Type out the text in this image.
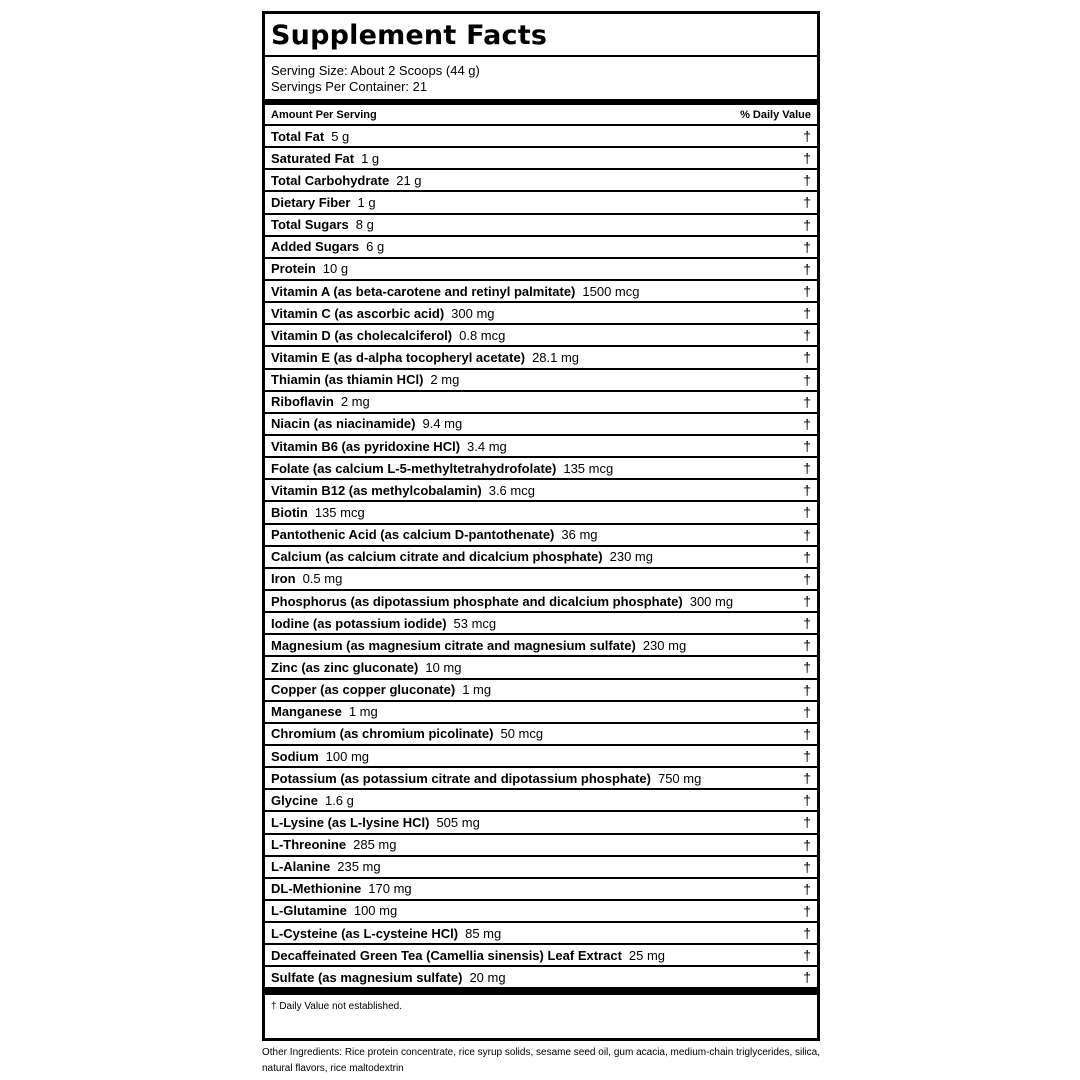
Supplement Facts
Serving Size: About 2 Scoops (44 g)
Servings Per Container: 21
Amount Per Serving	% Daily Value
Total Fat 5 g	†
Saturated Fat 1 g	†
Total Carbohydrate 21 g	†
Dietary Fiber 1 g	†
Total Sugars 8 g	†
Added Sugars 6 g	†
Protein 10 g	†
Vitamin A (as beta-carotene and retinyl palmitate) 1500 mcg	†
Vitamin C (as ascorbic acid) 300 mg	†
Vitamin D (as cholecalciferol) 0.8 mcg	†
Vitamin E (as d-alpha tocopheryl acetate) 28.1 mg	†
Thiamin (as thiamin HCl) 2 mg	†
Riboflavin 2 mg	†
Niacin (as niacinamide) 9.4 mg	†
Vitamin B6 (as pyridoxine HCl) 3.4 mg	†
Folate (as calcium L-5-methyltetrahydrofolate) 135 mcg	†
Vitamin B12 (as methylcobalamin) 3.6 mcg	†
Biotin 135 mcg	†
Pantothenic Acid (as calcium D-pantothenate) 36 mg	†
Calcium (as calcium citrate and dicalcium phosphate) 230 mg	†
Iron 0.5 mg	†
Phosphorus (as dipotassium phosphate and dicalcium phosphate) 300 mg	†
Iodine (as potassium iodide) 53 mcg	†
Magnesium (as magnesium citrate and magnesium sulfate) 230 mg	†
Zinc (as zinc gluconate) 10 mg	†
Copper (as copper gluconate) 1 mg	†
Manganese 1 mg	†
Chromium (as chromium picolinate) 50 mcg	†
Sodium 100 mg	†
Potassium (as potassium citrate and dipotassium phosphate) 750 mg	†
Glycine 1.6 g	†
L-Lysine (as L-lysine HCl) 505 mg	†
L-Threonine 285 mg	†
L-Alanine 235 mg	†
DL-Methionine 170 mg	†
L-Glutamine 100 mg	†
L-Cysteine (as L-cysteine HCl) 85 mg	†
Decaffeinated Green Tea (Camellia sinensis) Leaf Extract 25 mg	†
Sulfate (as magnesium sulfate) 20 mg	†
† Daily Value not established.
Other Ingredients: Rice protein concentrate, rice syrup solids, sesame seed oil, gum acacia, medium-chain triglycerides, silica, natural flavors, rice maltodextrin
